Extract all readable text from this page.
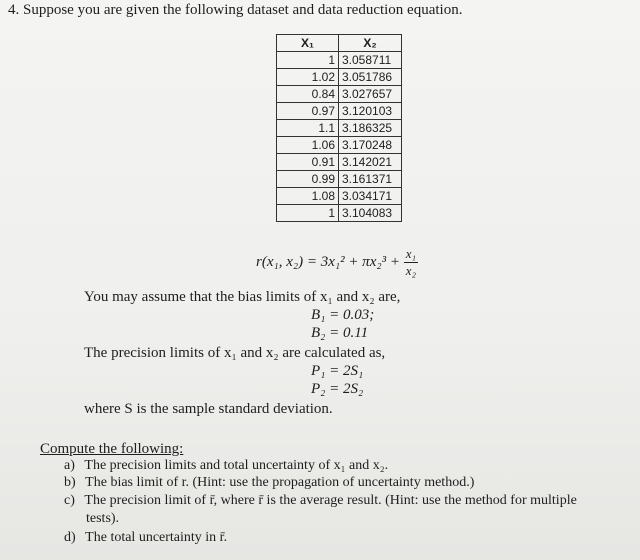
4. Suppose you are given the following dataset and data reduction equation.
X₁	X₂
1	3.058711
1.02	3.051786
0.84	3.027657
0.97	3.120103
1.1	3.186325
1.06	3.170248
0.91	3.142021
0.99	3.161371
1.08	3.034171
1	3.104083
r(x₁, $x_2) = 3x_1^2 + \pi x_2^3 + \frac{\text{x₁}}{\text{x₂}}$
You may assume that the bias limits of x₁ and x₂ are,
B₁ = 0.03;
B₂ = 0.11
The precision limits of x₁ and x₂ are calculated as,
P₁ = 2S₁
P₂ = 2S₂
where S is the sample standard deviation.
Compute the following:
a) The precision limits and total uncertainty of x₁ and x₂.
b) The bias limit of r. (Hint: use the propagation of uncertainty method.)
c) The precision limit of r̄, where r̄ is the average result. (Hint: use the method for multiple
tests).
d) The total uncertainty in r̄.
